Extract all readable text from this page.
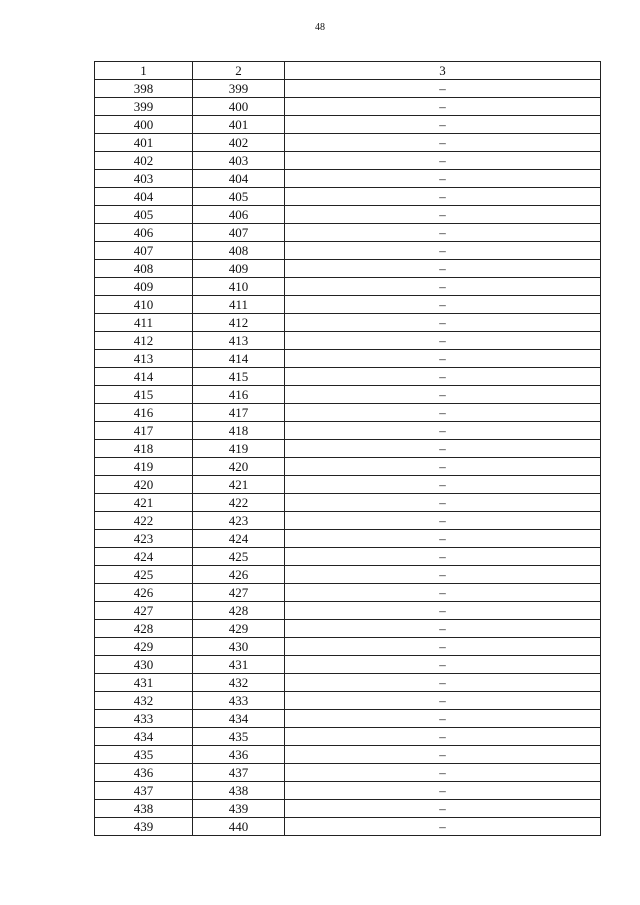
48
1	2	3
398	399	–
399	400	–
400	401	–
401	402	–
402	403	–
403	404	–
404	405	–
405	406	–
406	407	–
407	408	–
408	409	–
409	410	–
410	411	–
411	412	–
412	413	–
413	414	–
414	415	–
415	416	–
416	417	–
417	418	–
418	419	–
419	420	–
420	421	–
421	422	–
422	423	–
423	424	–
424	425	–
425	426	–
426	427	–
427	428	–
428	429	–
429	430	–
430	431	–
431	432	–
432	433	–
433	434	–
434	435	–
435	436	–
436	437	–
437	438	–
438	439	–
439	440	–
